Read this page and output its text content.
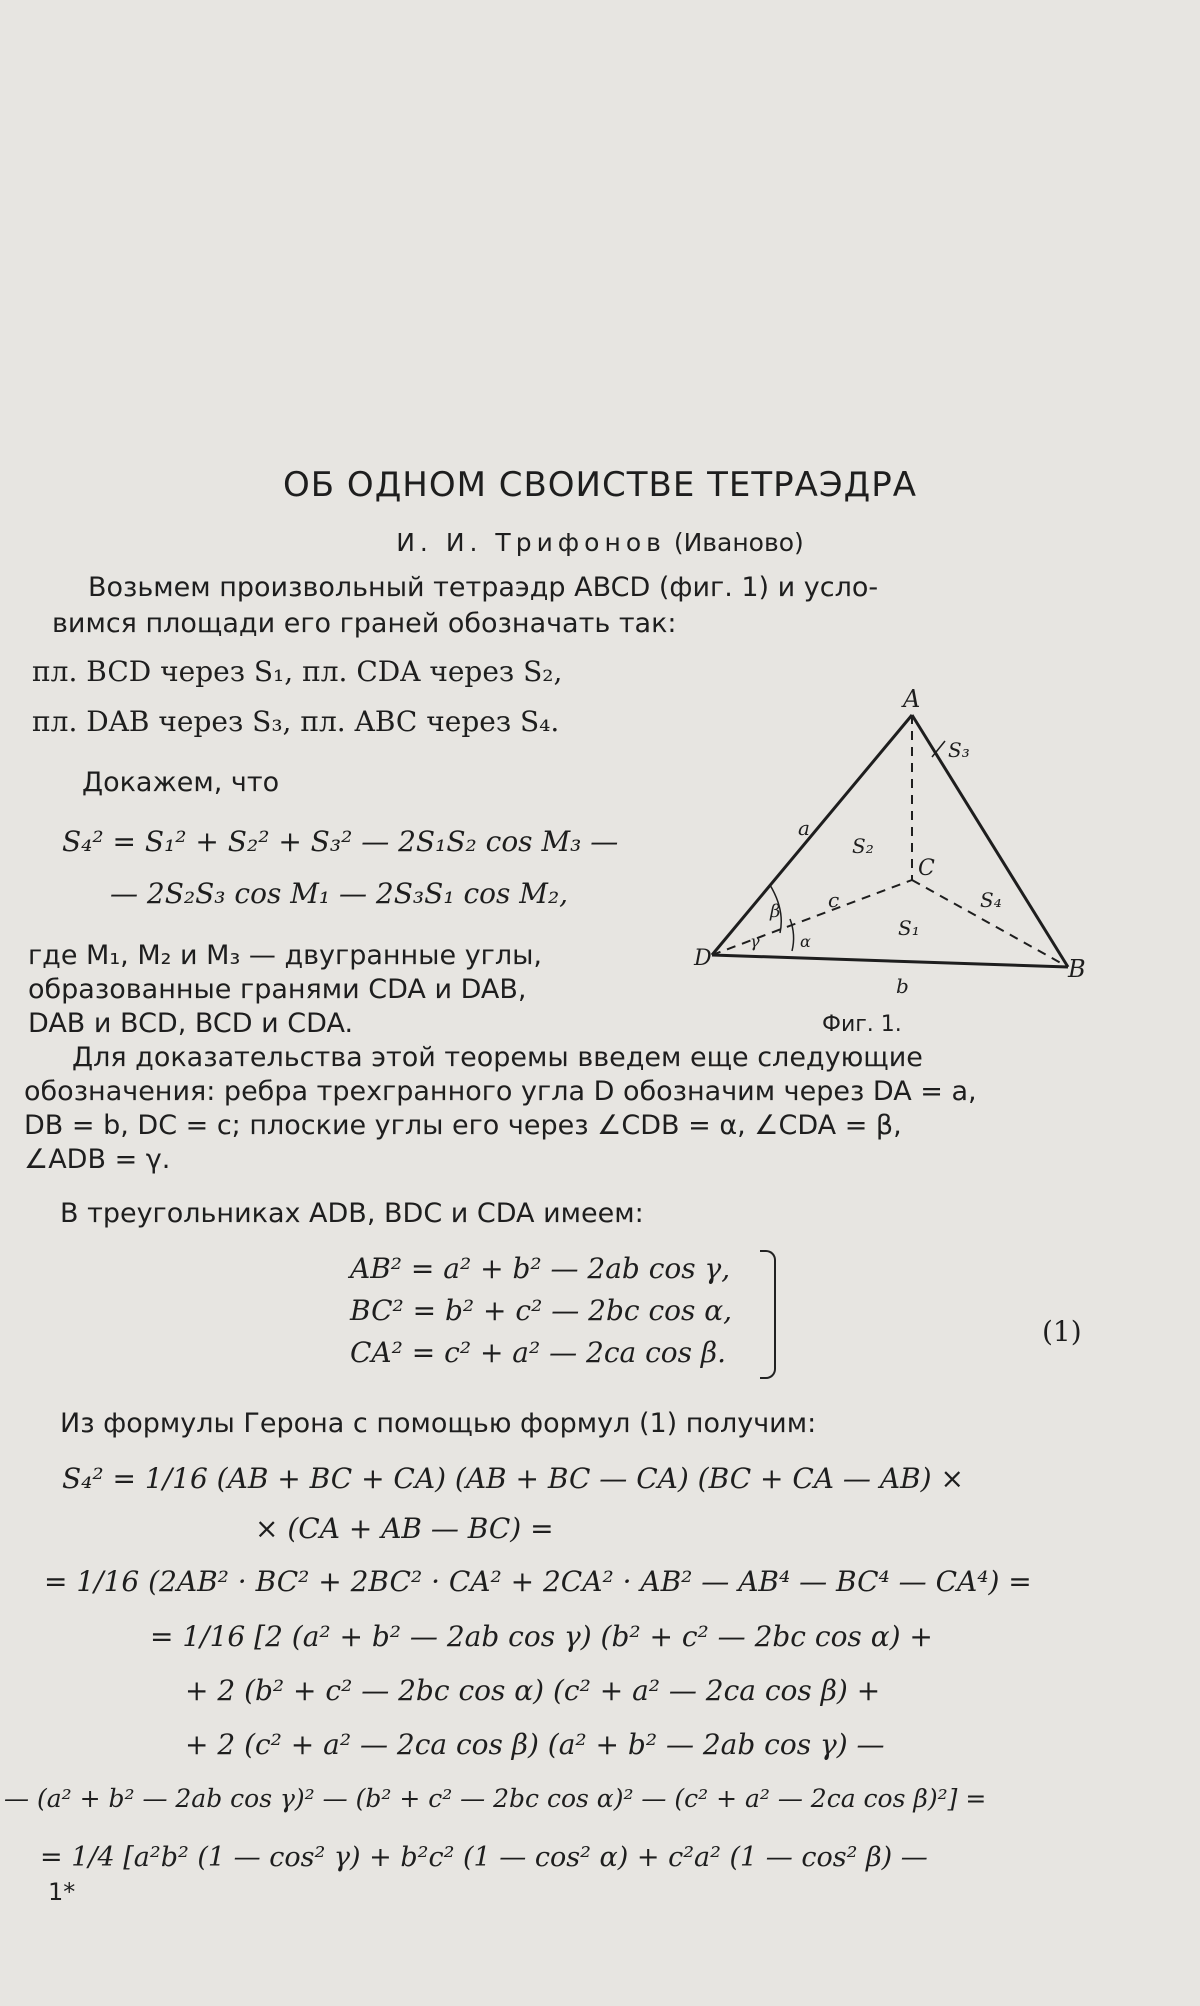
ОБ ОДНОМ СВОИСТВЕ ТЕТРАЭДРА
И. И. Трифонов (Иваново)

Возьмем произвольный тетраэдр ABCD (фиг. 1) и усло-

вимся площади его граней обозначать так:

пл. BCD через S₁, пл. CDA через S₂,
пл. DAB через S₃, пл. ABC через S₄.

Докажем, что

S₄² = S₁² + S₂² + S₃² — 2S₁S₂ cos M₃ —
— 2S₂S₃ cos M₁ — 2S₃S₁ cos M₂,

где M₁, M₂ и M₃ — двугранные углы,

образованные гранями CDA и DAB,

DAB и BCD, BCD и CDA.

Для доказательства этой теоремы введем еще следующие

обозначения: ребра трехгранного угла D обозначим через DA = a,

DB = b, DC = c; плоские углы его через ∠CDB = α, ∠CDA = β,

∠ADB = γ.

В треугольниках ADB, BDC и CDA имеем:

AB² = a² + b² — 2ab cos γ,
BC² = b² + c² — 2bc cos α,
CA² = c² + a² — 2ca cos β.
(1)

Из формулы Герона с помощью формул (1) получим:

S₄² = 1/16 (AB + BC + CA) (AB + BC — CA) (BC + CA — AB) ×
× (CA + AB — BC) =
= 1/16 (2AB² · BC² + 2BC² · CA² + 2CA² · AB² — AB⁴ — BC⁴ — CA⁴) =
= 1/16 [2 (a² + b² — 2ab cos γ) (b² + c² — 2bc cos α) +
+ 2 (b² + c² — 2bc cos α) (c² + a² — 2ca cos β) +
+ 2 (c² + a² — 2ca cos β) (a² + b² — 2ab cos γ) —
— (a² + b² — 2ab cos γ)² — (b² + c² — 2bc cos α)² — (c² + a² — 2ca cos β)²] =
= 1/4 [a²b² (1 — cos² γ) + b²c² (1 — cos² α) + c²a² (1 — cos² β) —
A
B
C
D
a
b
c
S₂
S₁
S₃
S₄
β
α
γ
Фиг. 1.
1*
